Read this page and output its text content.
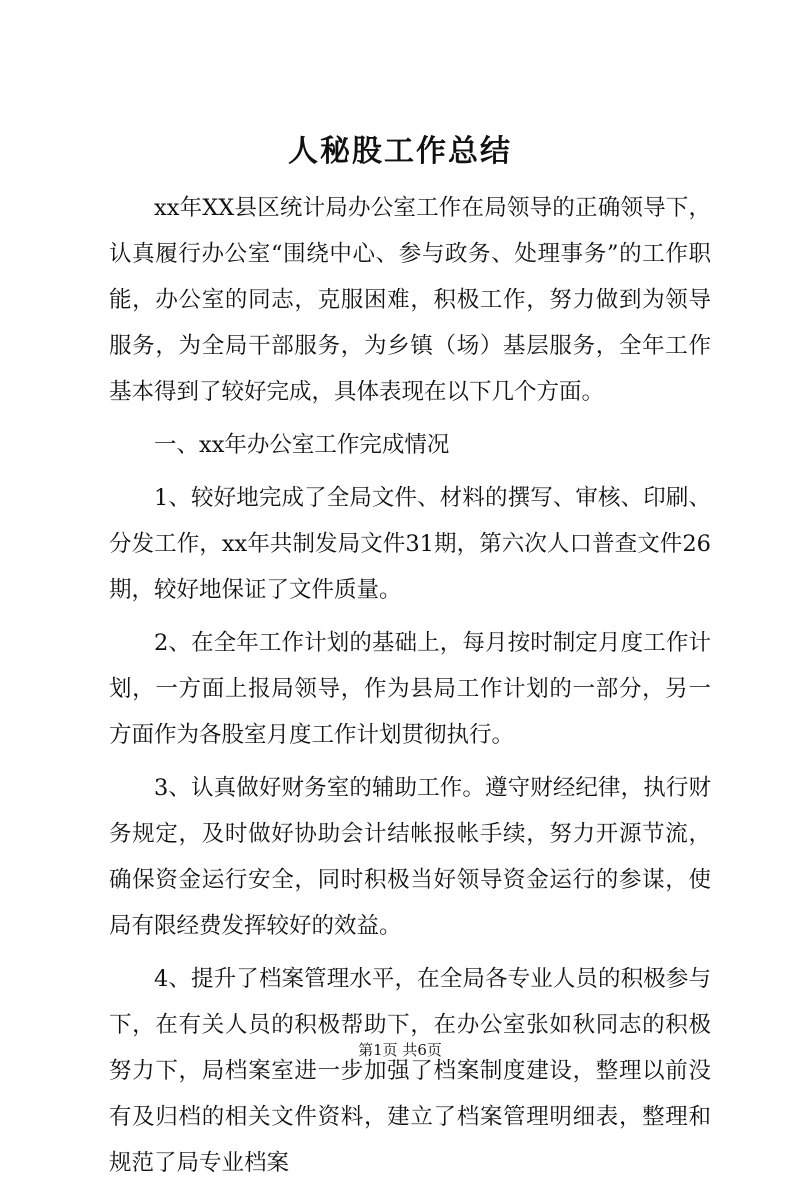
人秘股工作总结

xx年XX县区统计局办公室工作在局领导的正确领导下，认真履行办公室“围绕中心、参与政务、处理事务”的工作职能，办公室的同志，克服困难，积极工作，努力做到为领导服务，为全局干部服务，为乡镇（场）基层服务，全年工作基本得到了较好完成，具体表现在以下几个方面。

一、xx年办公室工作完成情况

1、较好地完成了全局文件、材料的撰写、审核、印刷、分发工作，xx年共制发局文件31期，第六次人口普查文件26期，较好地保证了文件质量。

2、在全年工作计划的基础上，每月按时制定月度工作计划，一方面上报局领导，作为县局工作计划的一部分，另一方面作为各股室月度工作计划贯彻执行。

3、认真做好财务室的辅助工作。遵守财经纪律，执行财务规定，及时做好协助会计结帐报帐手续，努力开源节流，确保资金运行安全，同时积极当好领导资金运行的参谋，使局有限经费发挥较好的效益。

4、提升了档案管理水平，在全局各专业人员的积极参与下，在有关人员的积极帮助下，在办公室张如秋同志的积极努力下，局档案室进一步加强了档案制度建设，整理以前没有及归档的相关文件资料，建立了档案管理明细表，整理和规范了局专业档案

第1页 共6页
